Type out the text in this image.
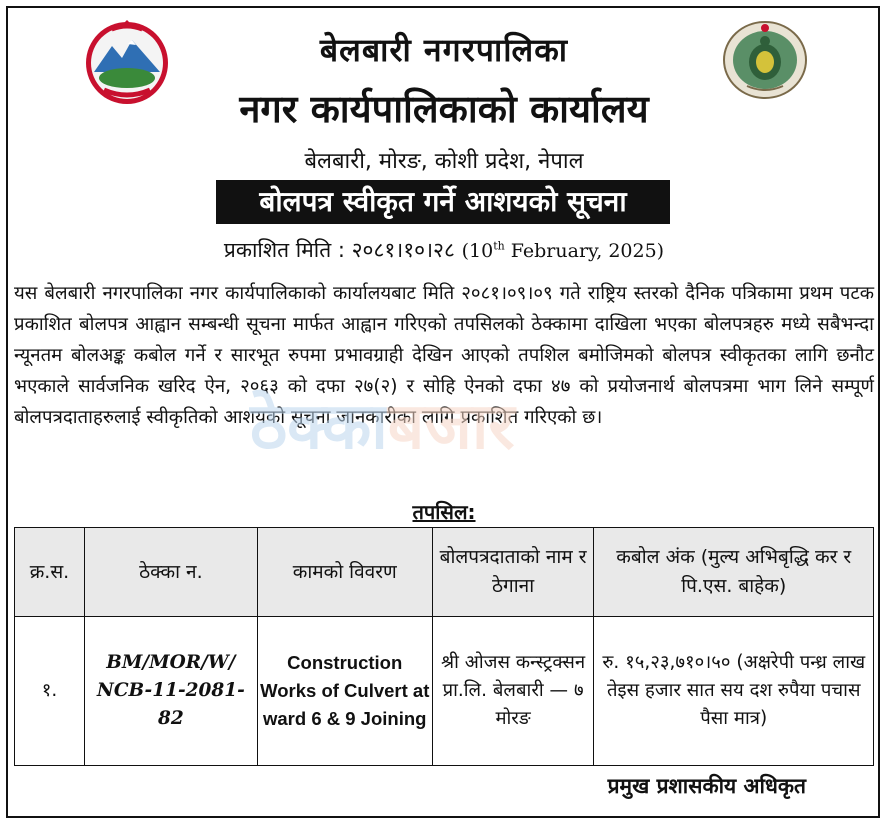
बेलबारी नगरपालिका
नगर कार्यपालिकाको कार्यालय
बेलबारी, मोरङ, कोशी प्रदेश, नेपाल
बोलपत्र स्वीकृत गर्ने आशयको सूचना
प्रकाशित मिति : २०८१।१०।२८ (10th February, 2025)

यस बेलबारी नगरपालिका नगर कार्यपालिकाको कार्यालयबाट मिति २०८१।०९।०९ गते राष्ट्रिय स्तरको दैनिक पत्रिकामा प्रथम पटक प्रकाशित बोलपत्र आह्वान सम्बन्धी सूचना मार्फत आह्वान गरिएको तपसिलको ठेक्कामा दाखिला भएका बोलपत्रहरु मध्ये सबैभन्दा न्यूनतम बोलअङ्क कबोल गर्ने र सारभूत रुपमा प्रभावग्राही देखिन आएको तपशिल बमोजिमको बोलपत्र स्वीकृतका लागि छनौट भएकाले सार्वजनिक खरिद ऐन, २०६३ को दफा २७(२) र सोहि ऐनको दफा ४७ को प्रयोजनार्थ बोलपत्रमा भाग लिने सम्पूर्ण बोलपत्रदाताहरुलाई स्वीकृतिको आशयको सूचना जानकारीका लागि प्रकाशित गरिएको छ।

ठेक्काबजार
तपसिल:
क्र.स.	ठेक्का न.	कामको विवरण	बोलपत्रदाताको नाम र ठेगाना	कबोल अंक (मुल्य अभिबृद्धि कर र पि.एस. बाहेक)
१.	BM/MOR/W/ NCB-11-2081-82	Construction Works of Culvert at ward 6 & 9 Joining	श्री ओजस कन्स्ट्रक्सन प्रा.लि. बेलबारी — ७ मोरङ	रु. १५,२३,७१०।५० (अक्षरेपी पन्ध्र लाख तेइस हजार सात सय दश रुपैया पचास पैसा मात्र)
प्रमुख प्रशासकीय अधिकृत
